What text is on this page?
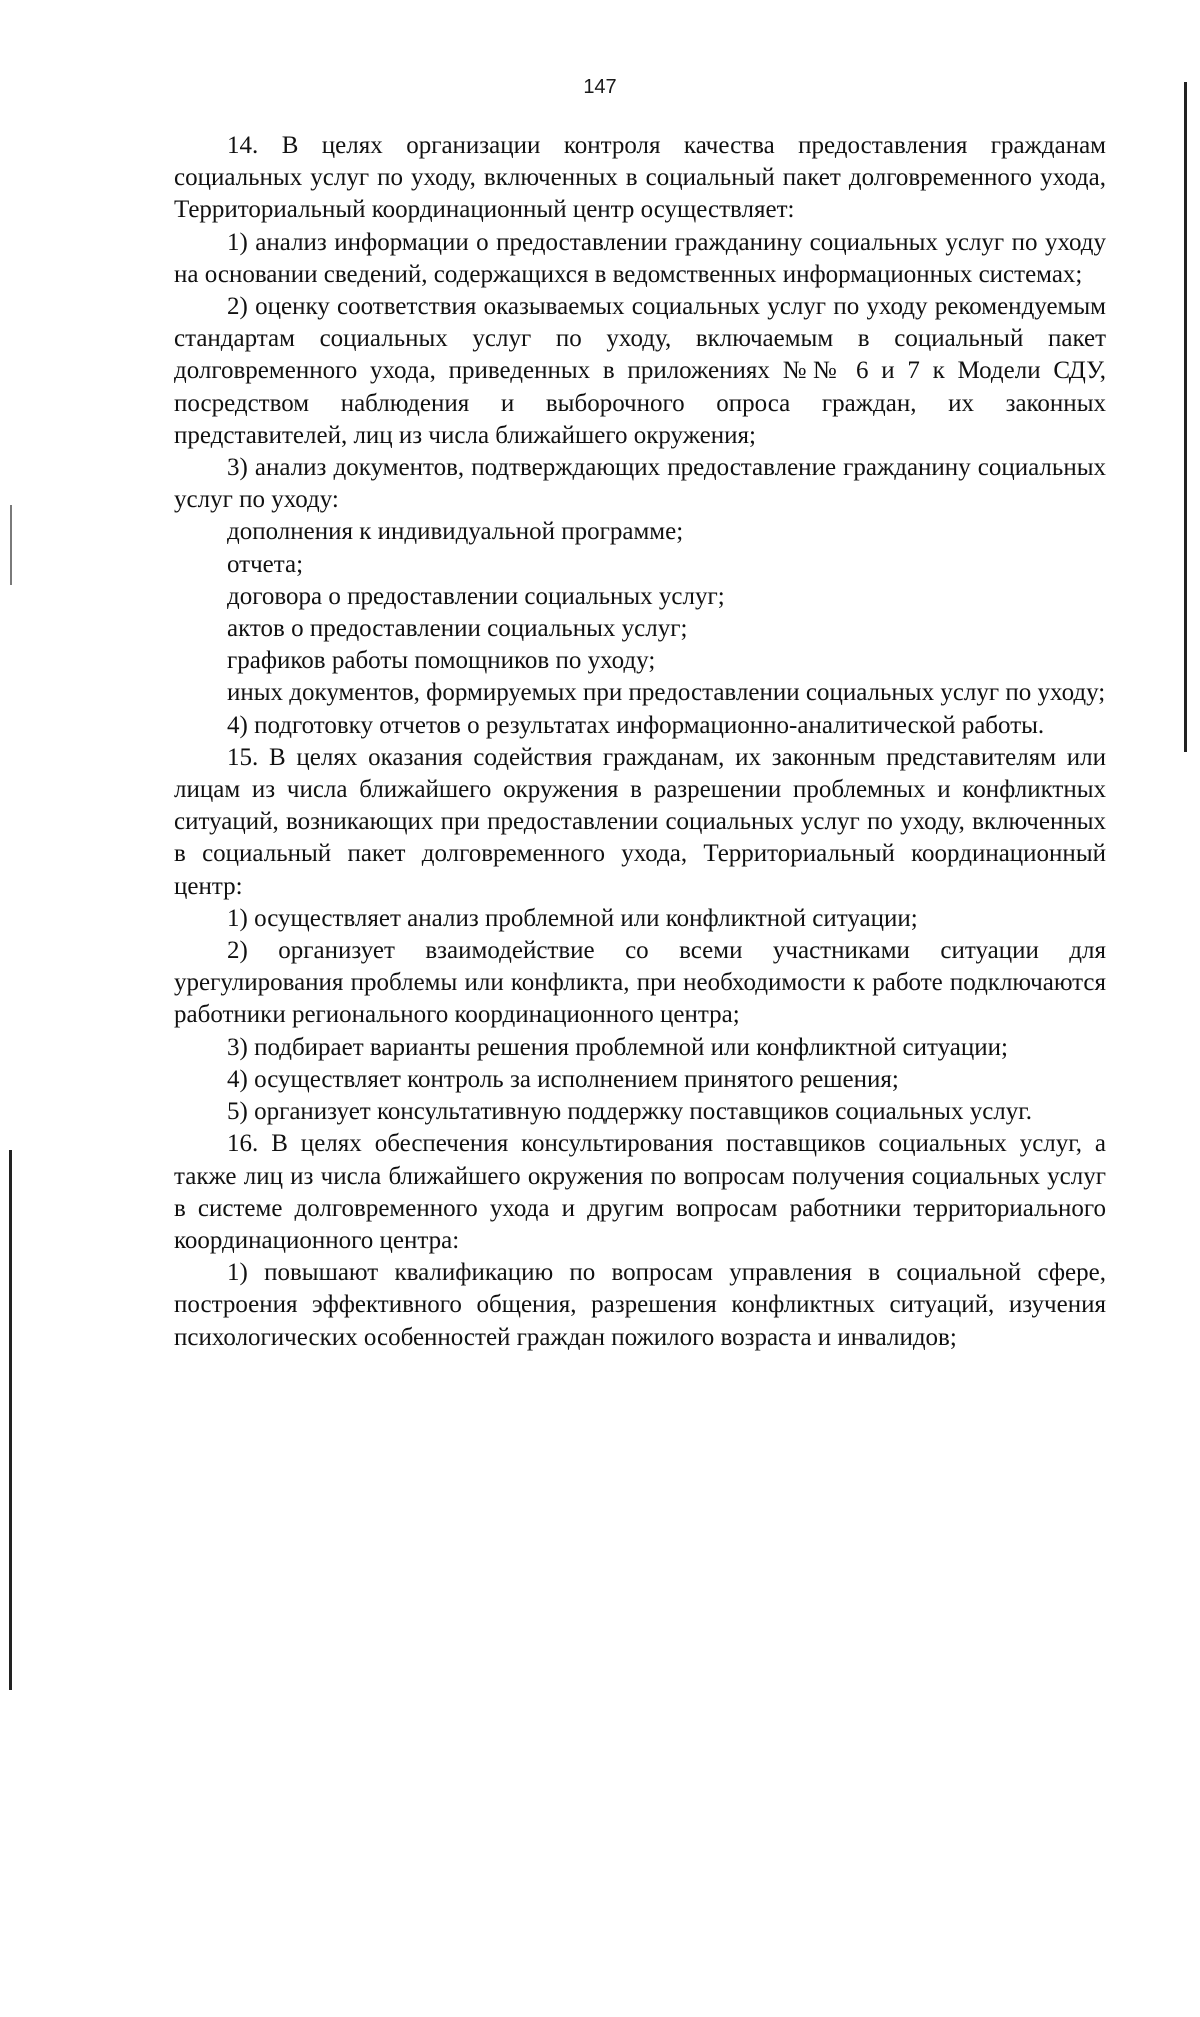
147

14. В целях организации контроля качества предоставления гражданам социальных услуг по уходу, включенных в социальный пакет долговременного ухода, Территориальный координационный центр осуществляет:

1) анализ информации о предоставлении гражданину социальных услуг по уходу на основании сведений, содержащихся в ведомственных информационных системах;

2) оценку соответствия оказываемых социальных услуг по уходу рекомендуемым стандартам социальных услуг по уходу, включаемым в социальный пакет долговременного ухода, приведенных в приложениях №№ 6 и 7 к Модели СДУ, посредством наблюдения и выборочного опроса граждан, их законных представителей, лиц из числа ближайшего окружения;

3) анализ документов, подтверждающих предоставление гражданину социальных услуг по уходу:

дополнения к индивидуальной программе;

отчета;

договора о предоставлении социальных услуг;

актов о предоставлении социальных услуг;

графиков работы помощников по уходу;

иных документов, формируемых при предоставлении социальных услуг по уходу;

4) подготовку отчетов о результатах информационно-аналитической работы.

15. В целях оказания содействия гражданам, их законным представителям или лицам из числа ближайшего окружения в разрешении проблемных и конфликтных ситуаций, возникающих при предоставлении социальных услуг по уходу, включенных в социальный пакет долговременного ухода, Территориальный координационный центр:

1) осуществляет анализ проблемной или конфликтной ситуации;

2) организует взаимодействие со всеми участниками ситуации для урегулирования проблемы или конфликта, при необходимости к работе подключаются работники регионального координационного центра;

3) подбирает варианты решения проблемной или конфликтной ситуации;

4) осуществляет контроль за исполнением принятого решения;

5) организует консультативную поддержку поставщиков социальных услуг.

16. В целях обеспечения консультирования поставщиков социальных услуг, а также лиц из числа ближайшего окружения по вопросам получения социальных услуг в системе долговременного ухода и другим вопросам работники территориального координационного центра:

1) повышают квалификацию по вопросам управления в социальной сфере, построения эффективного общения, разрешения конфликтных ситуаций, изучения психологических особенностей граждан пожилого возраста и инвалидов;
